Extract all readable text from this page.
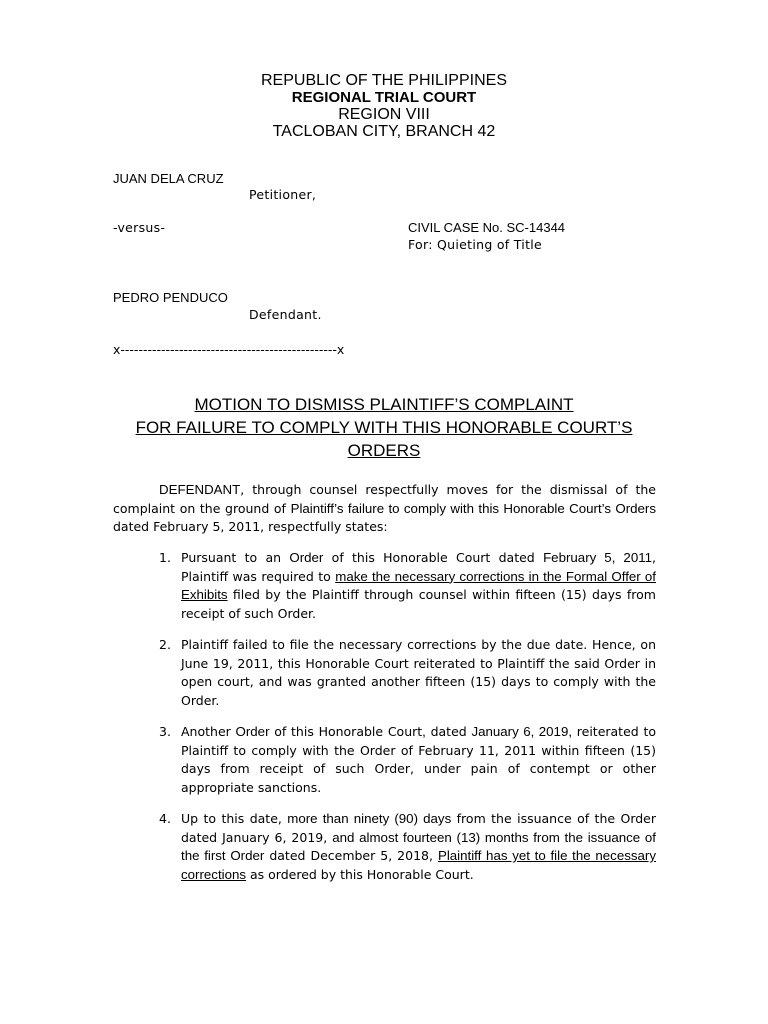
REPUBLIC OF THE PHILIPPINES
REGIONAL TRIAL COURT
REGION VIII
TACLOBAN CITY, BRANCH 42
JUAN DELA CRUZ
Petitioner,
-versus-	CIVIL CASE No. SC-14344
For: Quieting of Title
PEDRO PENDUCO
Defendant.
x------------------------------------------------x
MOTION TO DISMISS PLAINTIFF’S COMPLAINT
FOR FAILURE TO COMPLY WITH THIS HONORABLE COURT’S
ORDERS
DEFENDANT, through counsel respectfully moves for the dismissal of the complaint on the ground of Plaintiff’s failure to comply with this Honorable Court’s Orders dated February 5, 2011, respectfully states:
1. Pursuant to an Order of this Honorable Court dated February 5, 2011, Plaintiff was required to make the necessary corrections in the Formal Offer of Exhibits filed by the Plaintiff through counsel within fifteen (15) days from receipt of such Order.
2. Plaintiff failed to file the necessary corrections by the due date. Hence, on June 19, 2011, this Honorable Court reiterated to Plaintiff the said Order in open court, and was granted another fifteen (15) days to comply with the Order.
3. Another Order of this Honorable Court, dated January 6, 2019, reiterated to Plaintiff to comply with the Order of February 11, 2011 within fifteen (15) days from receipt of such Order, under pain of contempt or other appropriate sanctions.
4. Up to this date, more than ninety (90) days from the issuance of the Order dated January 6, 2019, and almost fourteen (13) months from the issuance of the first Order dated December 5, 2018, Plaintiff has yet to file the necessary corrections as ordered by this Honorable Court.
